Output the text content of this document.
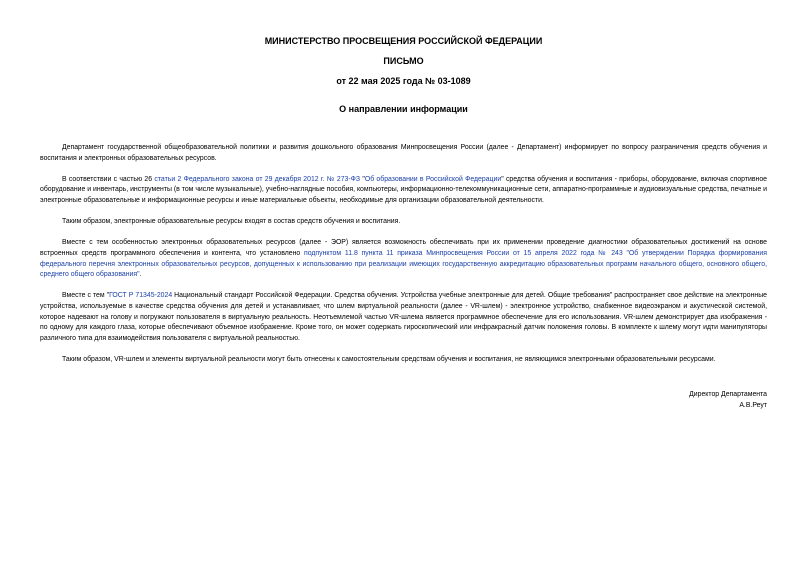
МИНИСТЕРСТВО ПРОСВЕЩЕНИЯ РОССИЙСКОЙ ФЕДЕРАЦИИ
ПИСЬМО
от 22 мая 2025 года № 03-1089
О направлении информации

Департамент государственной общеобразовательной политики и развития дошкольного образования Минпросвещения России (далее - Департамент) информирует по вопросу разграничения средств обучения и воспитания и электронных образовательных ресурсов.

В соответствии с частью 26 статьи 2 Федерального закона от 29 декабря 2012 г. № 273-ФЗ "Об образовании в Российской Федерации" средства обучения и воспитания - приборы, оборудование, включая спортивное оборудование и инвентарь, инструменты (в том числе музыкальные), учебно-наглядные пособия, компьютеры, информационно-телекоммуникационные сети, аппаратно-программные и аудиовизуальные средства, печатные и электронные образовательные и информационные ресурсы и иные материальные объекты, необходимые для организации образовательной деятельности.

Таким образом, электронные образовательные ресурсы входят в состав средств обучения и воспитания.

Вместе с тем особенностью электронных образовательных ресурсов (далее - ЭОР) является возможность обеспечивать при их применении проведение диагностики образовательных достижений на основе встроенных средств программного обеспечения и контента, что установлено подпунктом 11.8 пункта 11 приказа Минпросвещения России от 15 апреля 2022 года № 243 "Об утверждении Порядка формирования федерального перечня электронных образовательных ресурсов, допущенных к использованию при реализации имеющих государственную аккредитацию образовательных программ начального общего, основного общего, среднего общего образования".

Вместе с тем "ГОСТ Р 71345-2024 Национальный стандарт Российской Федерации. Средства обучения. Устройства учебные электронные для детей. Общие требования" распространяет свое действие на электронные устройства, используемые в качестве средства обучения для детей и устанавливает, что шлем виртуальной реальности (далее - VR-шлем) - электронное устройство, снабженное видеоэкраном и акустической системой, которое надевают на голову и погружают пользователя в виртуальную реальность. Неотъемлемой частью VR-шлема является программное обеспечение для его использования. VR-шлем демонстрирует два изображения - по одному для каждого глаза, которые обеспечивают объемное изображение. Кроме того, он может содержать гироскопический или инфракрасный датчик положения головы. В комплекте к шлему могут идти манипуляторы различного типа для взаимодействия пользователя с виртуальной реальностью.

Таким образом, VR-шлем и элементы виртуальной реальности могут быть отнесены к самостоятельным средствам обучения и воспитания, не являющимся электронными образовательными ресурсами.

Директор Департамента
А.В.Реут
